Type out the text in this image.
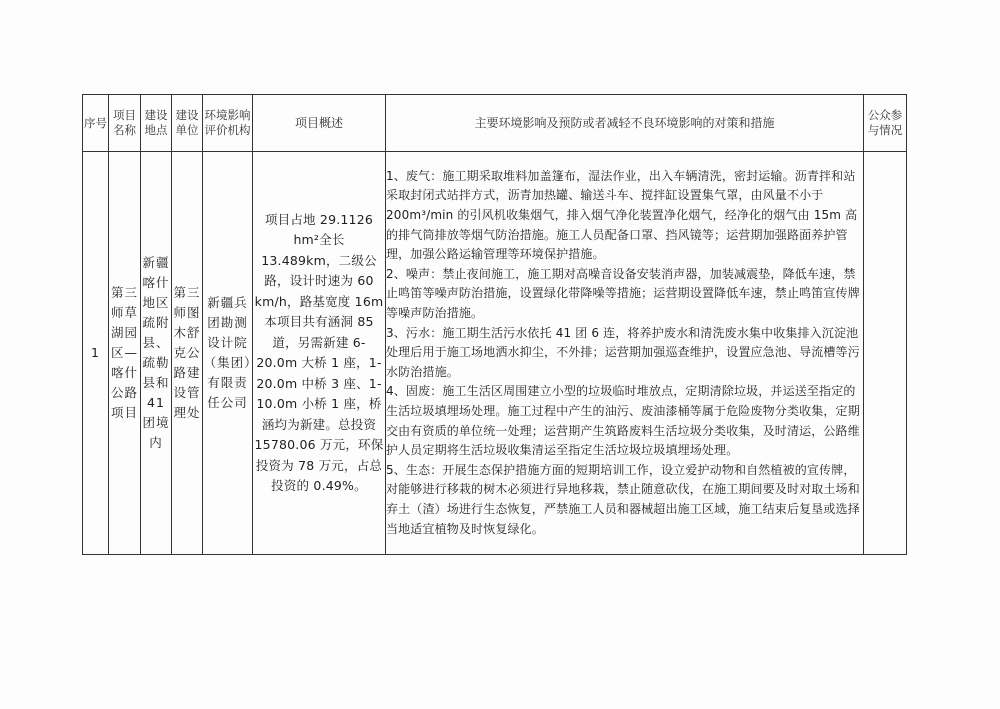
序号	项目名称	建设地点	建设单位	环境影响评价机构	项目概述	主要环境影响及预防或者减轻不良环境影响的对策和措施	公众参与情况
1	第三师草湖园区—喀什公路项目	新疆喀什地区疏附县、疏勒县和41团境内	第三师图木舒克公路建设管理处	新疆兵团勘测设计院（集团）有限责任公司	项目占地 29.1126 hm²全长 13.489km，二级公路，设计时速为 60 km/h，路基宽度 16m 本项目共有涵洞 85 道，另需新建 6-20.0m 大桥 1 座，1-20.0m 中桥 3 座、1-10.0m 小桥 1 座，桥涵均为新建。总投资 15780.06 万元，环保投资为 78 万元，占总投资的 0.49%。	1、废气：施工期采取堆料加盖篷布，湿法作业，出入车辆清洗，密封运输。沥青拌和站采取封闭式站拌方式，沥青加热罐、输送斗车、搅拌缸设置集气罩，由风量不小于 200m³/min 的引风机收集烟气，排入烟气净化装置净化烟气，经净化的烟气由 15m 高的排气筒排放等烟气防治措施。施工人员配备口罩、挡风镜等；运营期加强路面养护管理，加强公路运输管理等环境保护措施。

2、噪声：禁止夜间施工，施工期对高噪音设备安装消声器，加装减震垫，降低车速，禁止鸣笛等噪声防治措施，设置绿化带降噪等措施；运营期设置降低车速，禁止鸣笛宣传牌等噪声防治措施。

3、污水：施工期生活污水依托 41 团 6 连，将养护废水和清洗废水集中收集排入沉淀池处理后用于施工场地洒水抑尘，不外排；运营期加强巡查维护，设置应急池、导流槽等污水防治措施。

4、固废：施工生活区周围建立小型的垃圾临时堆放点，定期清除垃圾，并运送至指定的生活垃圾填埋场处理。施工过程中产生的油污、废油漆桶等属于危险废物分类收集，定期交由有资质的单位统一处理；运营期产生筑路废料生活垃圾分类收集，及时清运，公路维护人员定期将生活垃圾收集清运至指定生活垃圾垃圾填埋场处理。

5、生态：开展生态保护措施方面的短期培训工作，设立爱护动物和自然植被的宣传牌，对能够进行移栽的树木必须进行异地移栽，禁止随意砍伐，在施工期间要及时对取土场和弃土（渣）场进行生态恢复，严禁施工人员和器械超出施工区域，施工结束后复垦或选择当地适宜植物及时恢复绿化。	
